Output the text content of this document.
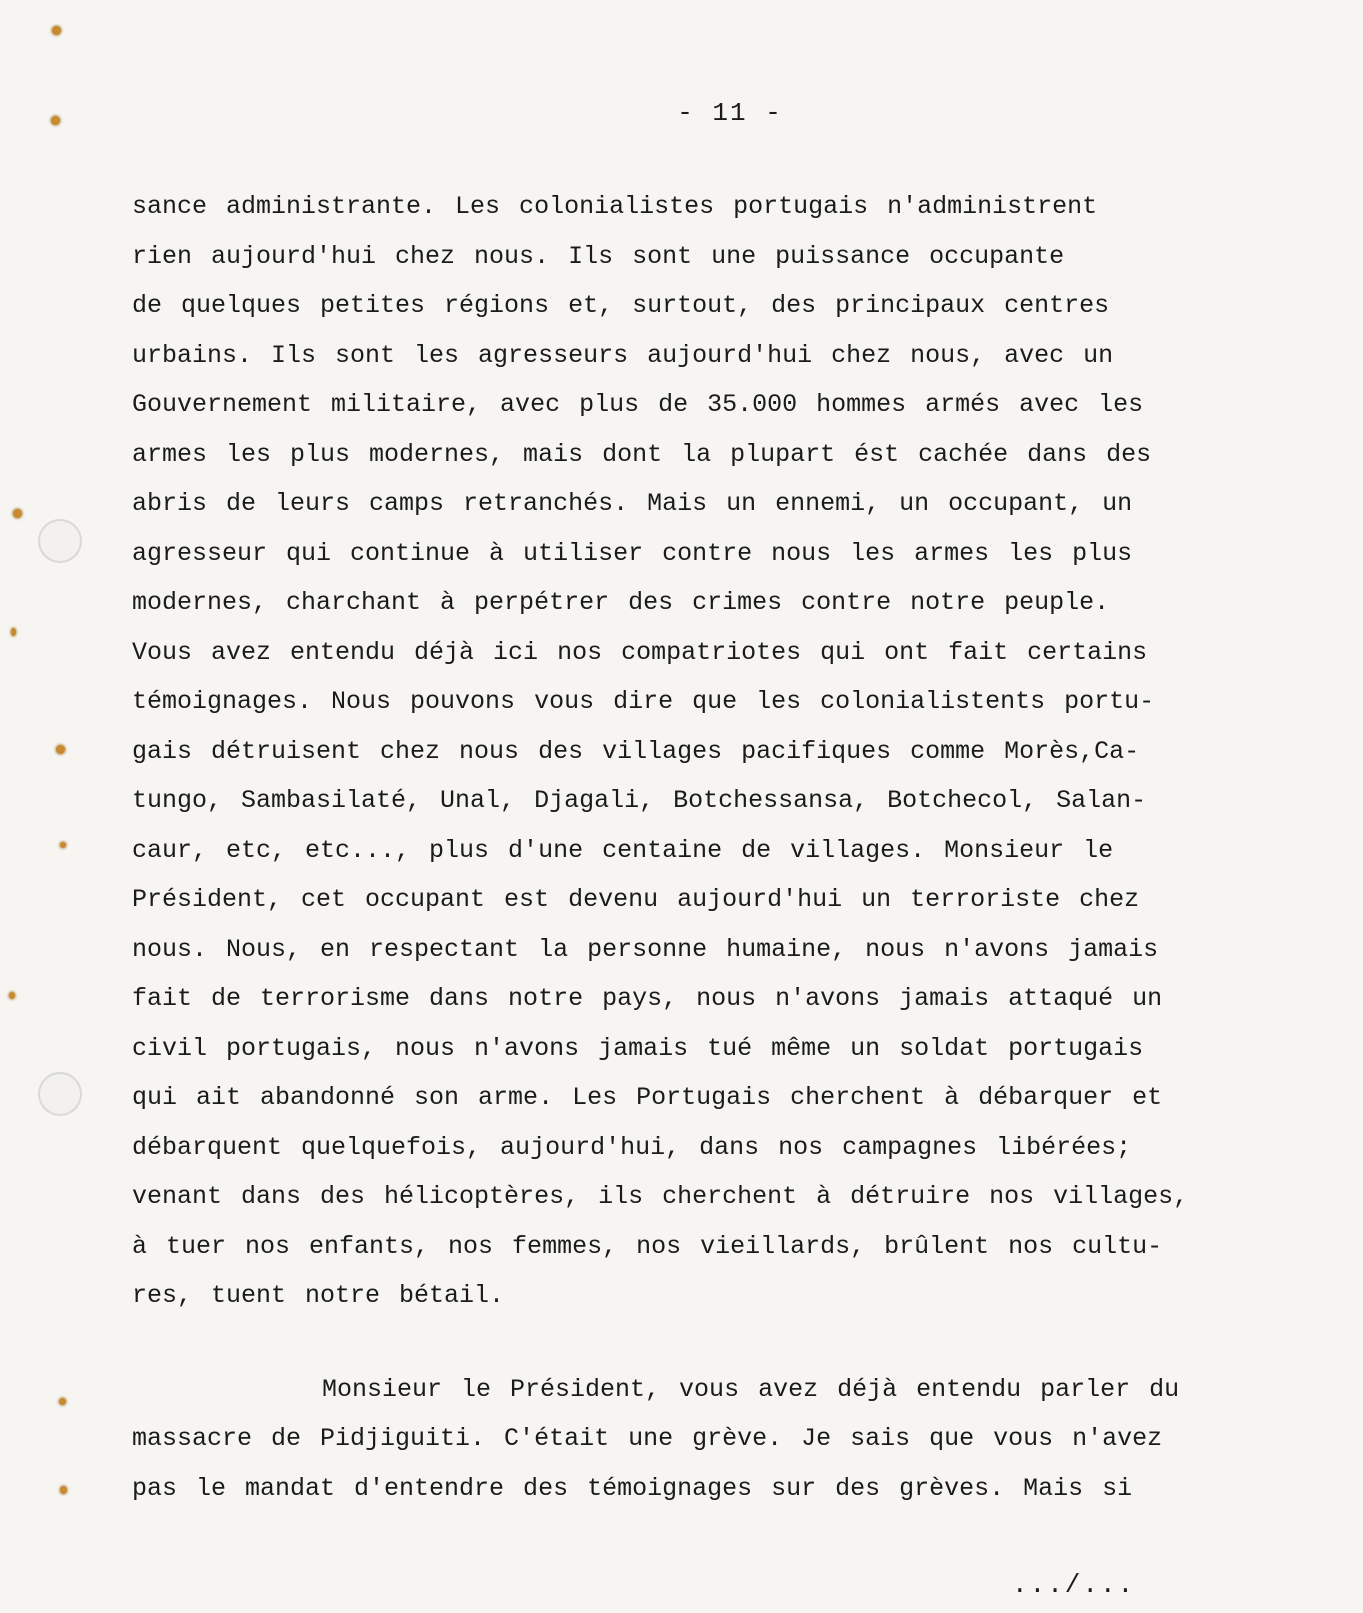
- 11 -
sance administrante. Les colonialistes portugais n'administrent
rien aujourd'hui chez nous. Ils sont une puissance occupante
de quelques petites régions et, surtout, des principaux centres
urbains. Ils sont les agresseurs aujourd'hui chez nous, avec un
Gouvernement militaire, avec plus de 35.000 hommes armés avec les
armes les plus modernes, mais dont la plupart ést cachée dans des
abris de leurs camps retranchés. Mais un ennemi, un occupant, un
agresseur qui continue à utiliser contre nous les armes les plus
modernes, charchant à perpétrer des crimes contre notre peuple.
Vous avez entendu déjà ici nos compatriotes qui ont fait certains
témoignages. Nous pouvons vous dire que les colonialistents portu-
gais détruisent chez nous des villages pacifiques comme Morès,Ca-
tungo, Sambasilaté, Unal, Djagali, Botchessansa, Botchecol, Salan-
caur, etc, etc..., plus d'une centaine de villages. Monsieur le
Président, cet occupant est devenu aujourd'hui un terroriste chez
nous. Nous, en respectant la personne humaine, nous n'avons jamais
fait de terrorisme dans notre pays, nous n'avons jamais attaqué un
civil portugais, nous n'avons jamais tué même un soldat portugais
qui ait abandonné son arme. Les Portugais cherchent à débarquer et
débarquent quelquefois, aujourd'hui, dans nos campagnes libérées;
venant dans des hélicoptères, ils cherchent à détruire nos villages,
à tuer nos enfants, nos femmes, nos vieillards, brûlent nos cultu-
res, tuent notre bétail.
Monsieur le Président, vous avez déjà entendu parler du
massacre de Pidjiguiti. C'était une grève. Je sais que vous n'avez
pas le mandat d'entendre des témoignages sur des grèves. Mais si
.../...
